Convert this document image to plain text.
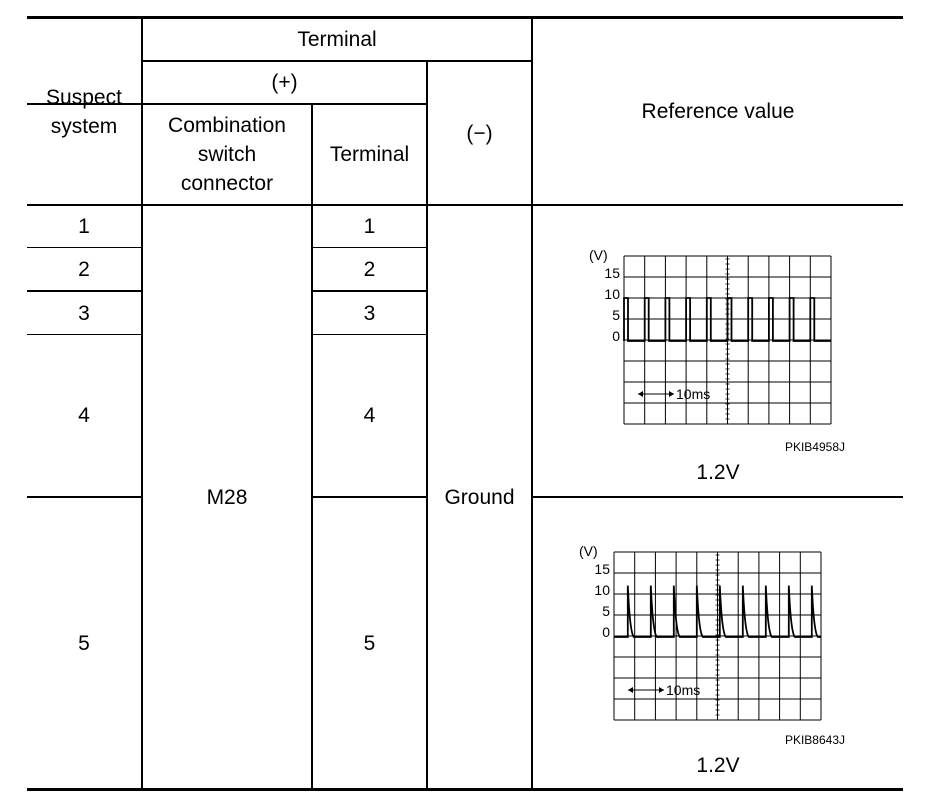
Suspect
system
Terminal
(+)
Combination
switch
connector
Terminal
(−)
Reference value
1
2
3
4
5
1
2
3
4
5
M28	Ground
(V)
15
10
5
0
10ms
PKIB4958J
1.2V
(V)
15
10
5
0
10ms
PKIB8643J
1.2V
